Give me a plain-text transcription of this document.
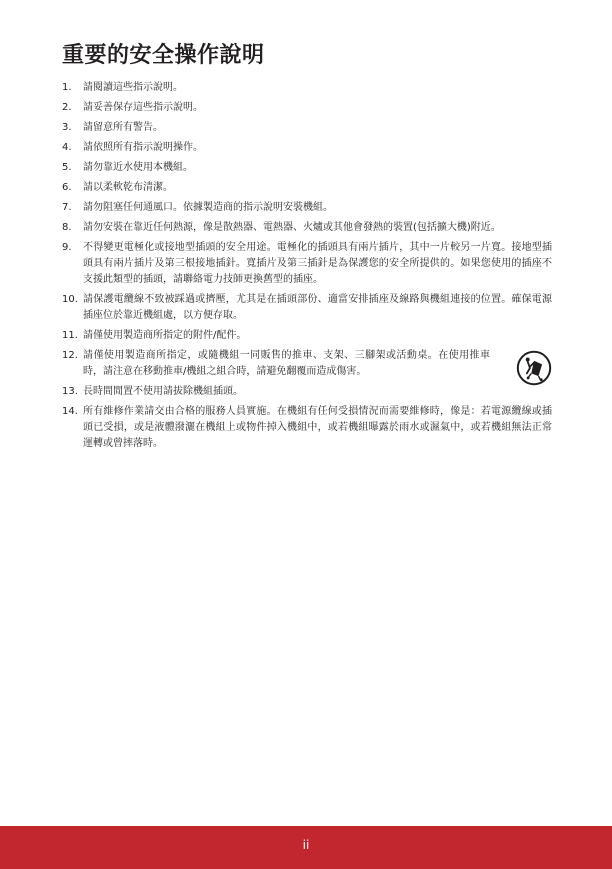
重要的安全操作說明
1. 請閱讀這些指示說明。
2. 請妥善保存這些指示說明。
3. 請留意所有警告。
4. 請依照所有指示說明操作。
5. 請勿靠近水使用本機組。
6. 請以柔軟乾布清潔。
7. 請勿阻塞任何通風口。依據製造商的指示說明安裝機組。
8. 請勿安裝在靠近任何熱源，像是散熱器、電熱器、火爐或其他會發熱的裝置(包括擴大機)附近。
9. 不得變更電極化或接地型插頭的安全用途。電極化的插頭具有兩片插片，其中一片較另一片寬。接地型插頭具有兩片插片及第三根接地插針。寬插片及第三插針是為保護您的安全所提供的。如果您使用的插座不支援此類型的插頭，請聯絡電力技師更換舊型的插座。
10. 請保護電纜線不致被踩過或擠壓，尤其是在插頭部份、適當安排插座及線路與機組連接的位置。確保電源插座位於靠近機組處，以方便存取。
11. 請僅使用製造商所指定的附件/配件。
12. 請僅使用製造商所指定，或隨機組一同販售的推車、支架、三腳架或活動桌。在使用推車時，請注意在移動推車/機組之組合時，請避免翻覆而造成傷害。
13. 長時間閒置不使用請拔除機組插頭。
14. 所有維修作業請交由合格的服務人員實施。在機組有任何受損情況而需要維修時，像是：若電源纜線或插頭已受損，或是液體潑灑在機組上或物件掉入機組中，或若機組曝露於雨水或濕氣中，或若機組無法正常運轉或曾摔落時。
ii
